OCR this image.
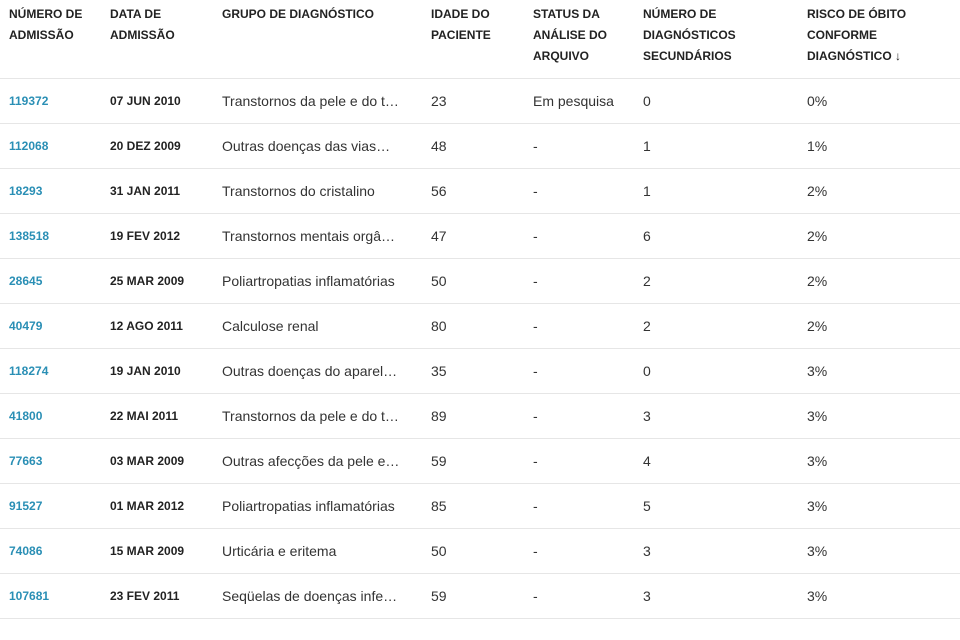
NÚMERO DE ADMISSÃO	DATA DE ADMISSÃO	GRUPO DE DIAGNÓSTICO	IDADE DO PACIENTE	STATUS DA ANÁLISE DO ARQUIVO	NÚMERO DE DIAGNÓSTICOS SECUNDÁRIOS	RISCO DE ÓBITO CONFORME DIAGNÓSTICO ↓

119372	07 JUN 2010	Transtornos da pele e do t…	23	Em pesquisa	0	0%
112068	20 DEZ 2009	Outras doenças das vias…	48	-	1	1%
18293	31 JAN 2011	Transtornos do cristalino	56	-	1	2%
138518	19 FEV 2012	Transtornos mentais orgâ…	47	-	6	2%
28645	25 MAR 2009	Poliartropatias inflamatórias	50	-	2	2%
40479	12 AGO 2011	Calculose renal	80	-	2	2%
118274	19 JAN 2010	Outras doenças do aparel…	35	-	0	3%
41800	22 MAI 2011	Transtornos da pele e do t…	89	-	3	3%
77663	03 MAR 2009	Outras afecções da pele e…	59	-	4	3%
91527	01 MAR 2012	Poliartropatias inflamatórias	85	-	5	3%
74086	15 MAR 2009	Urticária e eritema	50	-	3	3%
107681	23 FEV 2011	Seqüelas de doenças infe…	59	-	3	3%
